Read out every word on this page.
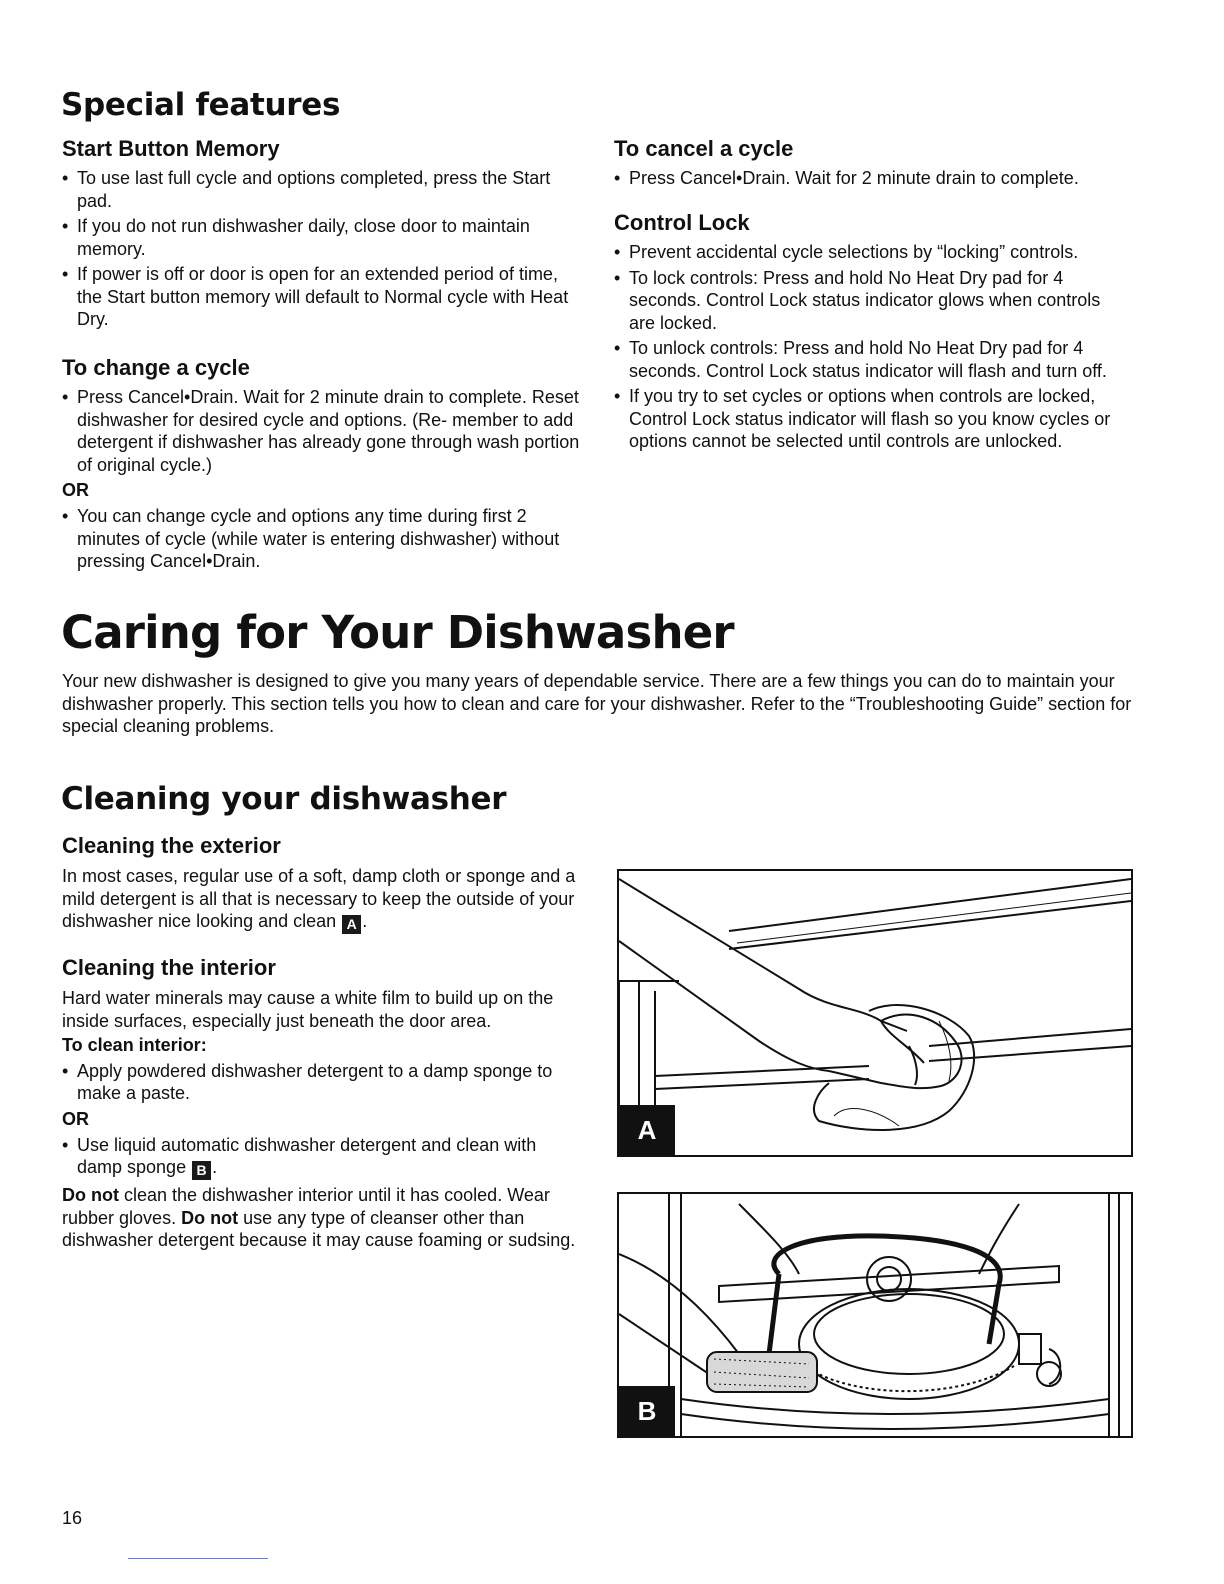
Special features
Start Button Memory
• To use last full cycle and options completed, press the Start pad.
• If you do not run dishwasher daily, close door to maintain memory.
• If power is off or door is open for an extended period of time, the Start button memory will default to Normal cycle with Heat Dry.
To change a cycle
• Press Cancel•Drain. Wait for 2 minute drain to complete. Reset dishwasher for desired cycle and options. (Re- member to add detergent if dishwasher has already gone through wash portion of original cycle.)
OR
• You can change cycle and options any time during first 2 minutes of cycle (while water is entering dishwasher) without pressing Cancel•Drain.
To cancel a cycle
• Press Cancel•Drain. Wait for 2 minute drain to complete.
Control Lock
• Prevent accidental cycle selections by “locking” controls.
• To lock controls: Press and hold No Heat Dry pad for 4 seconds. Control Lock status indicator glows when controls are locked.
• To unlock controls: Press and hold No Heat Dry pad for 4 seconds. Control Lock status indicator will flash and turn off.
• If you try to set cycles or options when controls are locked, Control Lock status indicator will flash so you know cycles or options cannot be selected until controls are unlocked.
Caring for Your Dishwasher

Your new dishwasher is designed to give you many years of dependable service. There are a few things you can do to maintain your dishwasher properly. This section tells you how to clean and care for your dishwasher. Refer to the “Troubleshooting Guide” section for special cleaning problems.

Cleaning your dishwasher
Cleaning the exterior

In most cases, regular use of a soft, damp cloth or sponge and a mild detergent is all that is necessary to keep the outside of your dishwasher nice looking and clean A .

Cleaning the interior

Hard water minerals may cause a white film to build up on the inside surfaces, especially just beneath the door area.

To clean interior:
• Apply powdered dishwasher detergent to a damp sponge to make a paste.
OR
• Use liquid automatic dishwasher detergent and clean with damp sponge B .

Do not clean the dishwasher interior until it has cooled. Wear rubber gloves. Do not use any type of cleanser other than dishwasher detergent because it may cause foaming or sudsing.

A
B
16
